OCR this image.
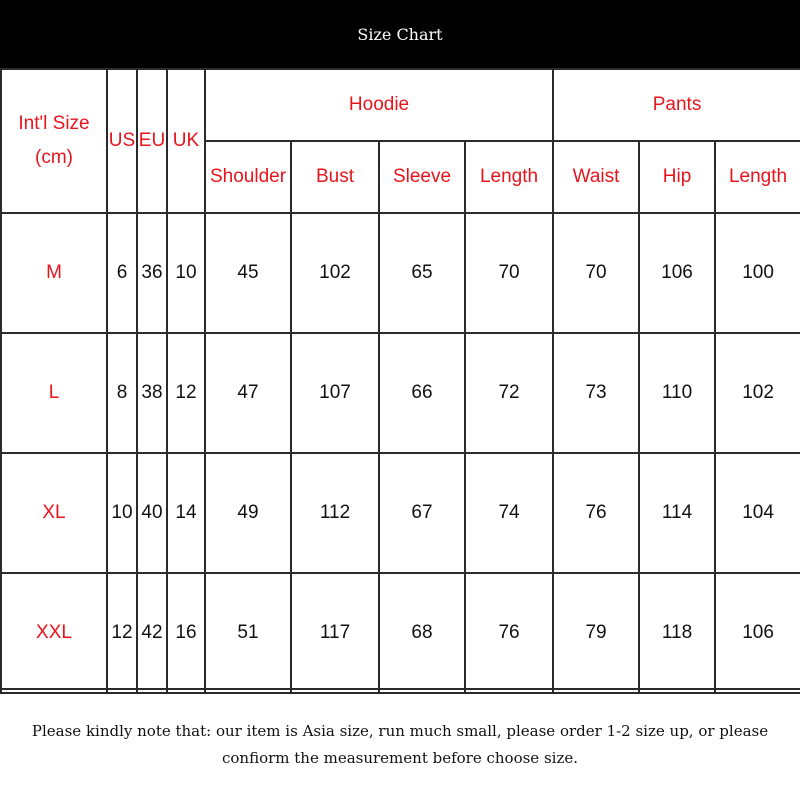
Size Chart
Int'l Size
(cm)	US	EU	UK	Hoodie				Pants		
				Shoulder	Bust	Sleeve	Length	Waist	Hip	Length
M	6	36	10	45	102	65	70	70	106	100
L	8	38	12	47	107	66	72	73	110	102
XL	10	40	14	49	112	67	74	76	114	104
XXL	12	42	16	51	117	68	76	79	118	106
Please kindly note that: our item is Asia size, run much small, please order 1-2 size up, or please confiorm the measurement before choose size.
